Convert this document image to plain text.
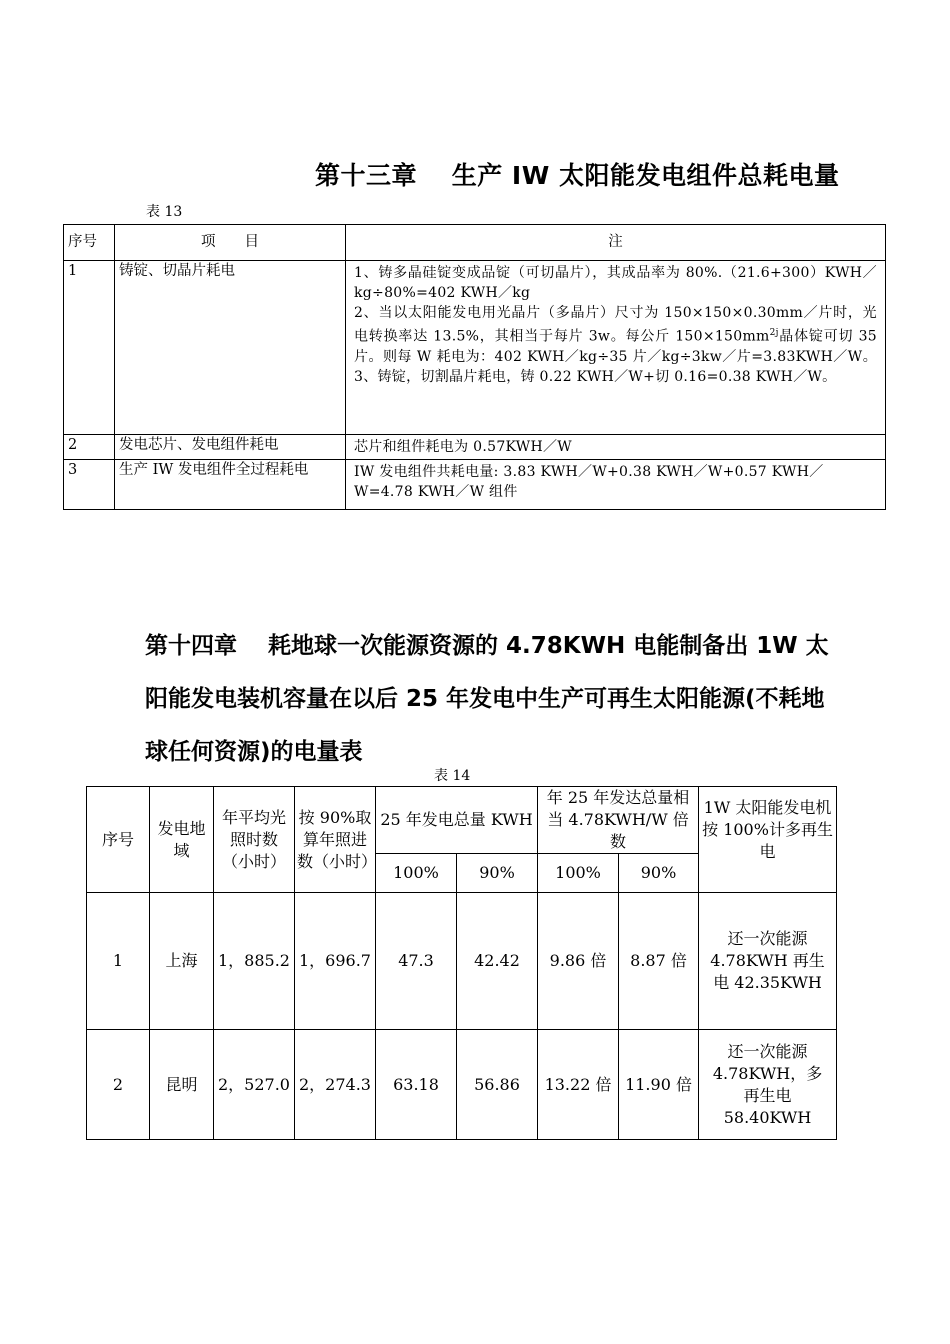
第十三章　 生产 IW 太阳能发电组件总耗电量
表 13
序号	项　　目	注
1	铸锭、切晶片耗电	1、铸多晶硅锭变成品锭（可切晶片），其成品率为 80%.（21.6+300）KWH／kg÷80%=402 KWH／kg
2、当以太阳能发电用光晶片（多晶片）尺寸为 150×150×0.30mm／片时，光电转换率达 13.5%，其相当于每片 3w。每公斤 $150\times 150mm^{2j}$晶体锭可切 35 片。则每 W 耗电为：402 KWH／kg÷35 片／kg÷3kw／片=3.83KWH／W。3、铸锭，切割晶片耗电，铸 0.22 KWH／W+切 0.16=0.38 KWH／W。
2	发电芯片、发电组件耗电	芯片和组件耗电为 0.57KWH／W
3	生产 IW 发电组件全过程耗电	IW 发电组件共耗电量: 3.83 KWH／W+0.38 KWH／W+0.57 KWH／W=4.78 KWH／W 组件
第十四章　 耗地球一次能源资源的 4.78KWH 电能制备出 1W 太阳能发电装机容量在以后 25 年发电中生产可再生太阳能源(不耗地球任何资源)的电量表
表 14
序号	发电地域	年平均光照时数（小时）	按 90%取算年照进数（小时）	25 年发电总量 KWH		年 25 年发达总量相当 4.78KWH/W 倍数		1W 太阳能发电机按 100%计多再生电
				100%	90%	100%	90%	
1	上海	1，885.2	1，696.7	47.3	42.42	9.86 倍	8.87 倍	还一次能源 4.78KWH 再生电 42.35KWH
2	昆明	2，527.0	2，274.3	63.18	56.86	13.22 倍	11.90 倍	还一次能源 4.78KWH，多再生电 58.40KWH
